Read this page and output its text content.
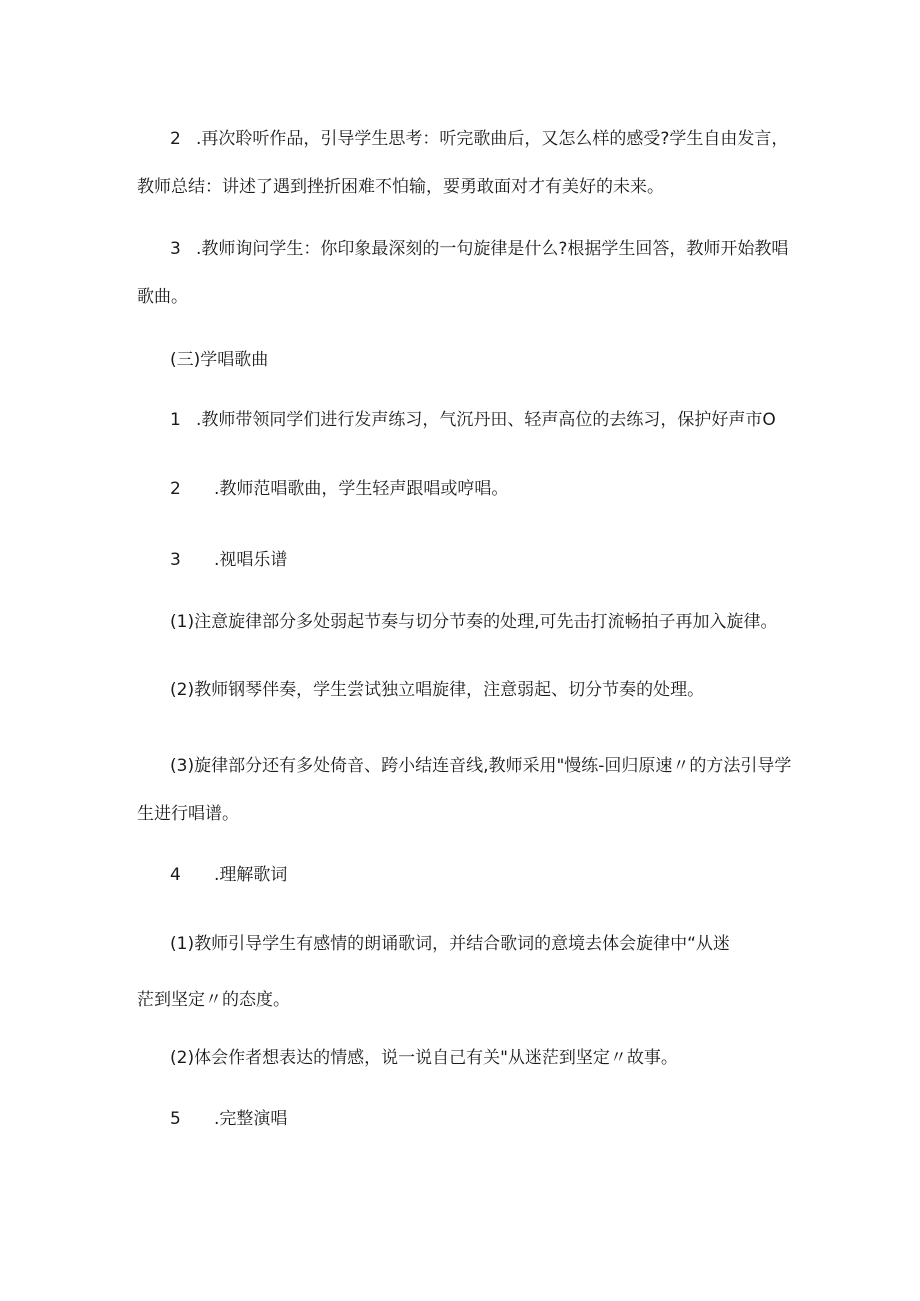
2 .再次聆听作品，引导学生思考：听完歌曲后，又怎么样的感受?学生自由发言，
教师总结：讲述了遇到挫折困难不怕输，要勇敢面对才有美好的未来。
3 .教师询问学生：你印象最深刻的一句旋律是什么?根据学生回答，教师开始教唱
歌曲。
(三)学唱歌曲
1 .教师带领同学们进行发声练习，气沉丹田、轻声高位的去练习，保护好声市O
2 .教师范唱歌曲，学生轻声跟唱或哼唱。
3 .视唱乐谱
(1)注意旋律部分多处弱起节奏与切分节奏的处理,可先击打流畅拍子再加入旋律。
(2)教师钢琴伴奏，学生尝试独立唱旋律，注意弱起、切分节奏的处理。
(3)旋律部分还有多处倚音、跨小结连音线,教师采用"慢练-回归原速〃的方法引导学
生进行唱谱。
4 .理解歌词
(1)教师引导学生有感情的朗诵歌词，并结合歌词的意境去体会旋律中“从迷
茫到坚定〃的态度。
(2)体会作者想表达的情感，说一说自己有关"从迷茫到坚定〃故事。
5 .完整演唱
